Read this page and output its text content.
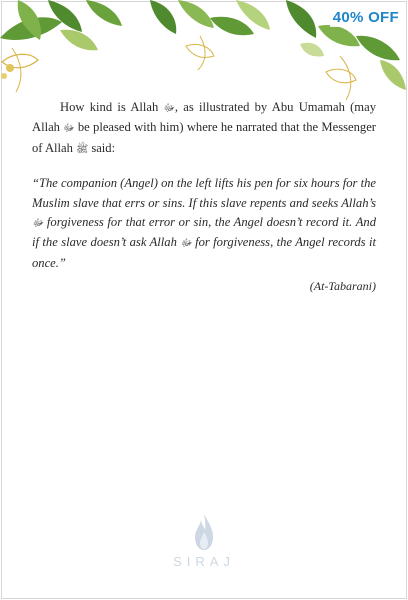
40% OFF

How kind is Allah ﷻ, as illustrated by Abu Umamah (may Allah ﷻ be pleased with him) where he narrated that the Messenger of Allah ﷺ said:

“The companion (Angel) on the left lifts his pen for six hours for the Muslim slave that errs or sins. If this slave repents and seeks Allah’s ﷻ forgiveness for that error or sin, the Angel doesn’t record it. And if the slave doesn’t ask Allah ﷻ for forgiveness, the Angel records it once.”

(At-Tabarani)

SIRAJ
